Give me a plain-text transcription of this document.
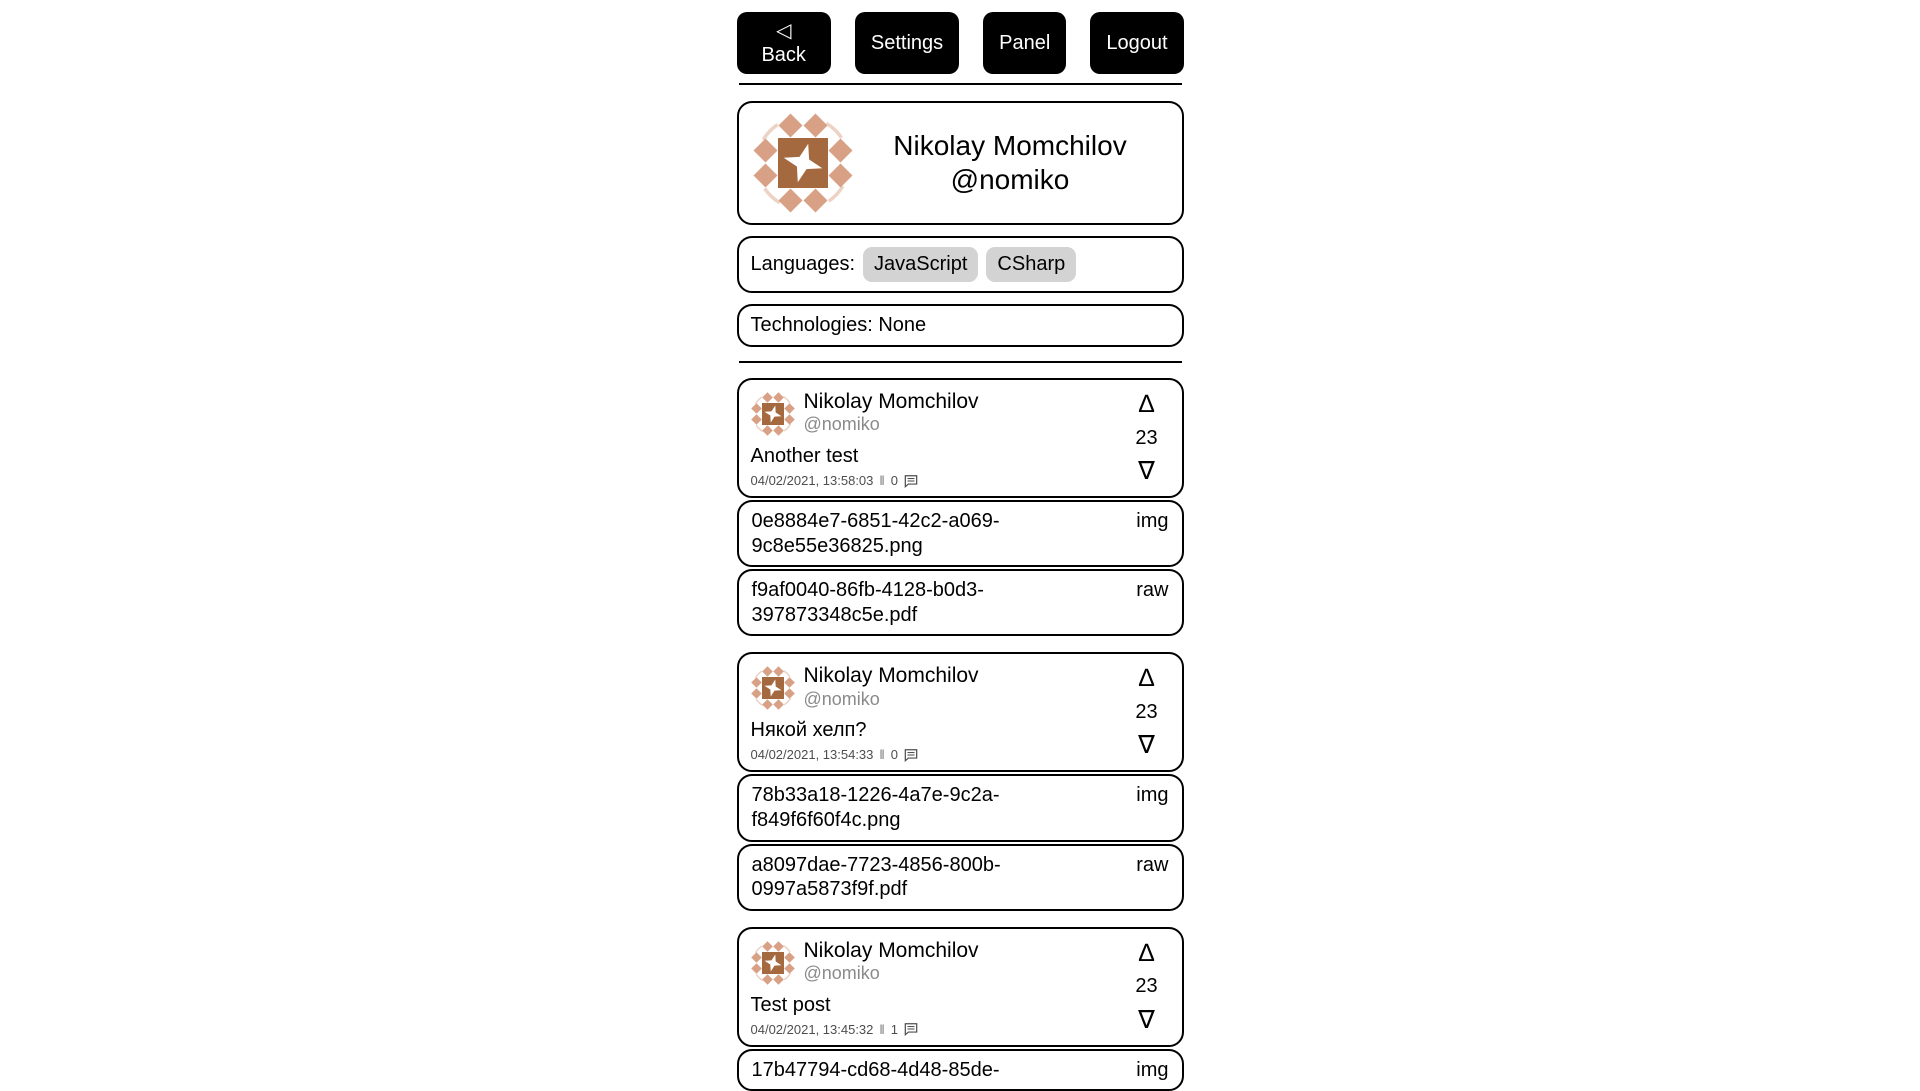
◁ Back
Settings	Panel	Logout
Nikolay Momchilov
@nomiko
Languages: JavaScript	CSharp
Technologies: None
Nikolay Momchilov
@nomiko
Another test
04/02/2021, 13:58:03 ‖ 0
∆
23
∇
0e8884e7-6851-42c2-a069-9c8e55e36825.png
img
f9af0040-86fb-4128-b0d3-397873348c5e.pdf
raw
Nikolay Momchilov
@nomiko
Някой хелп?
04/02/2021, 13:54:33 ‖ 0
∆
23
∇
78b33a18-1226-4a7e-9c2a-f849f6f60f4c.png
img
a8097dae-7723-4856-800b-0997a5873f9f.pdf
raw
Nikolay Momchilov
@nomiko
Test post
04/02/2021, 13:45:32 ‖ 1
∆
23
∇
17b47794-cd68-4d48-85de-	img
